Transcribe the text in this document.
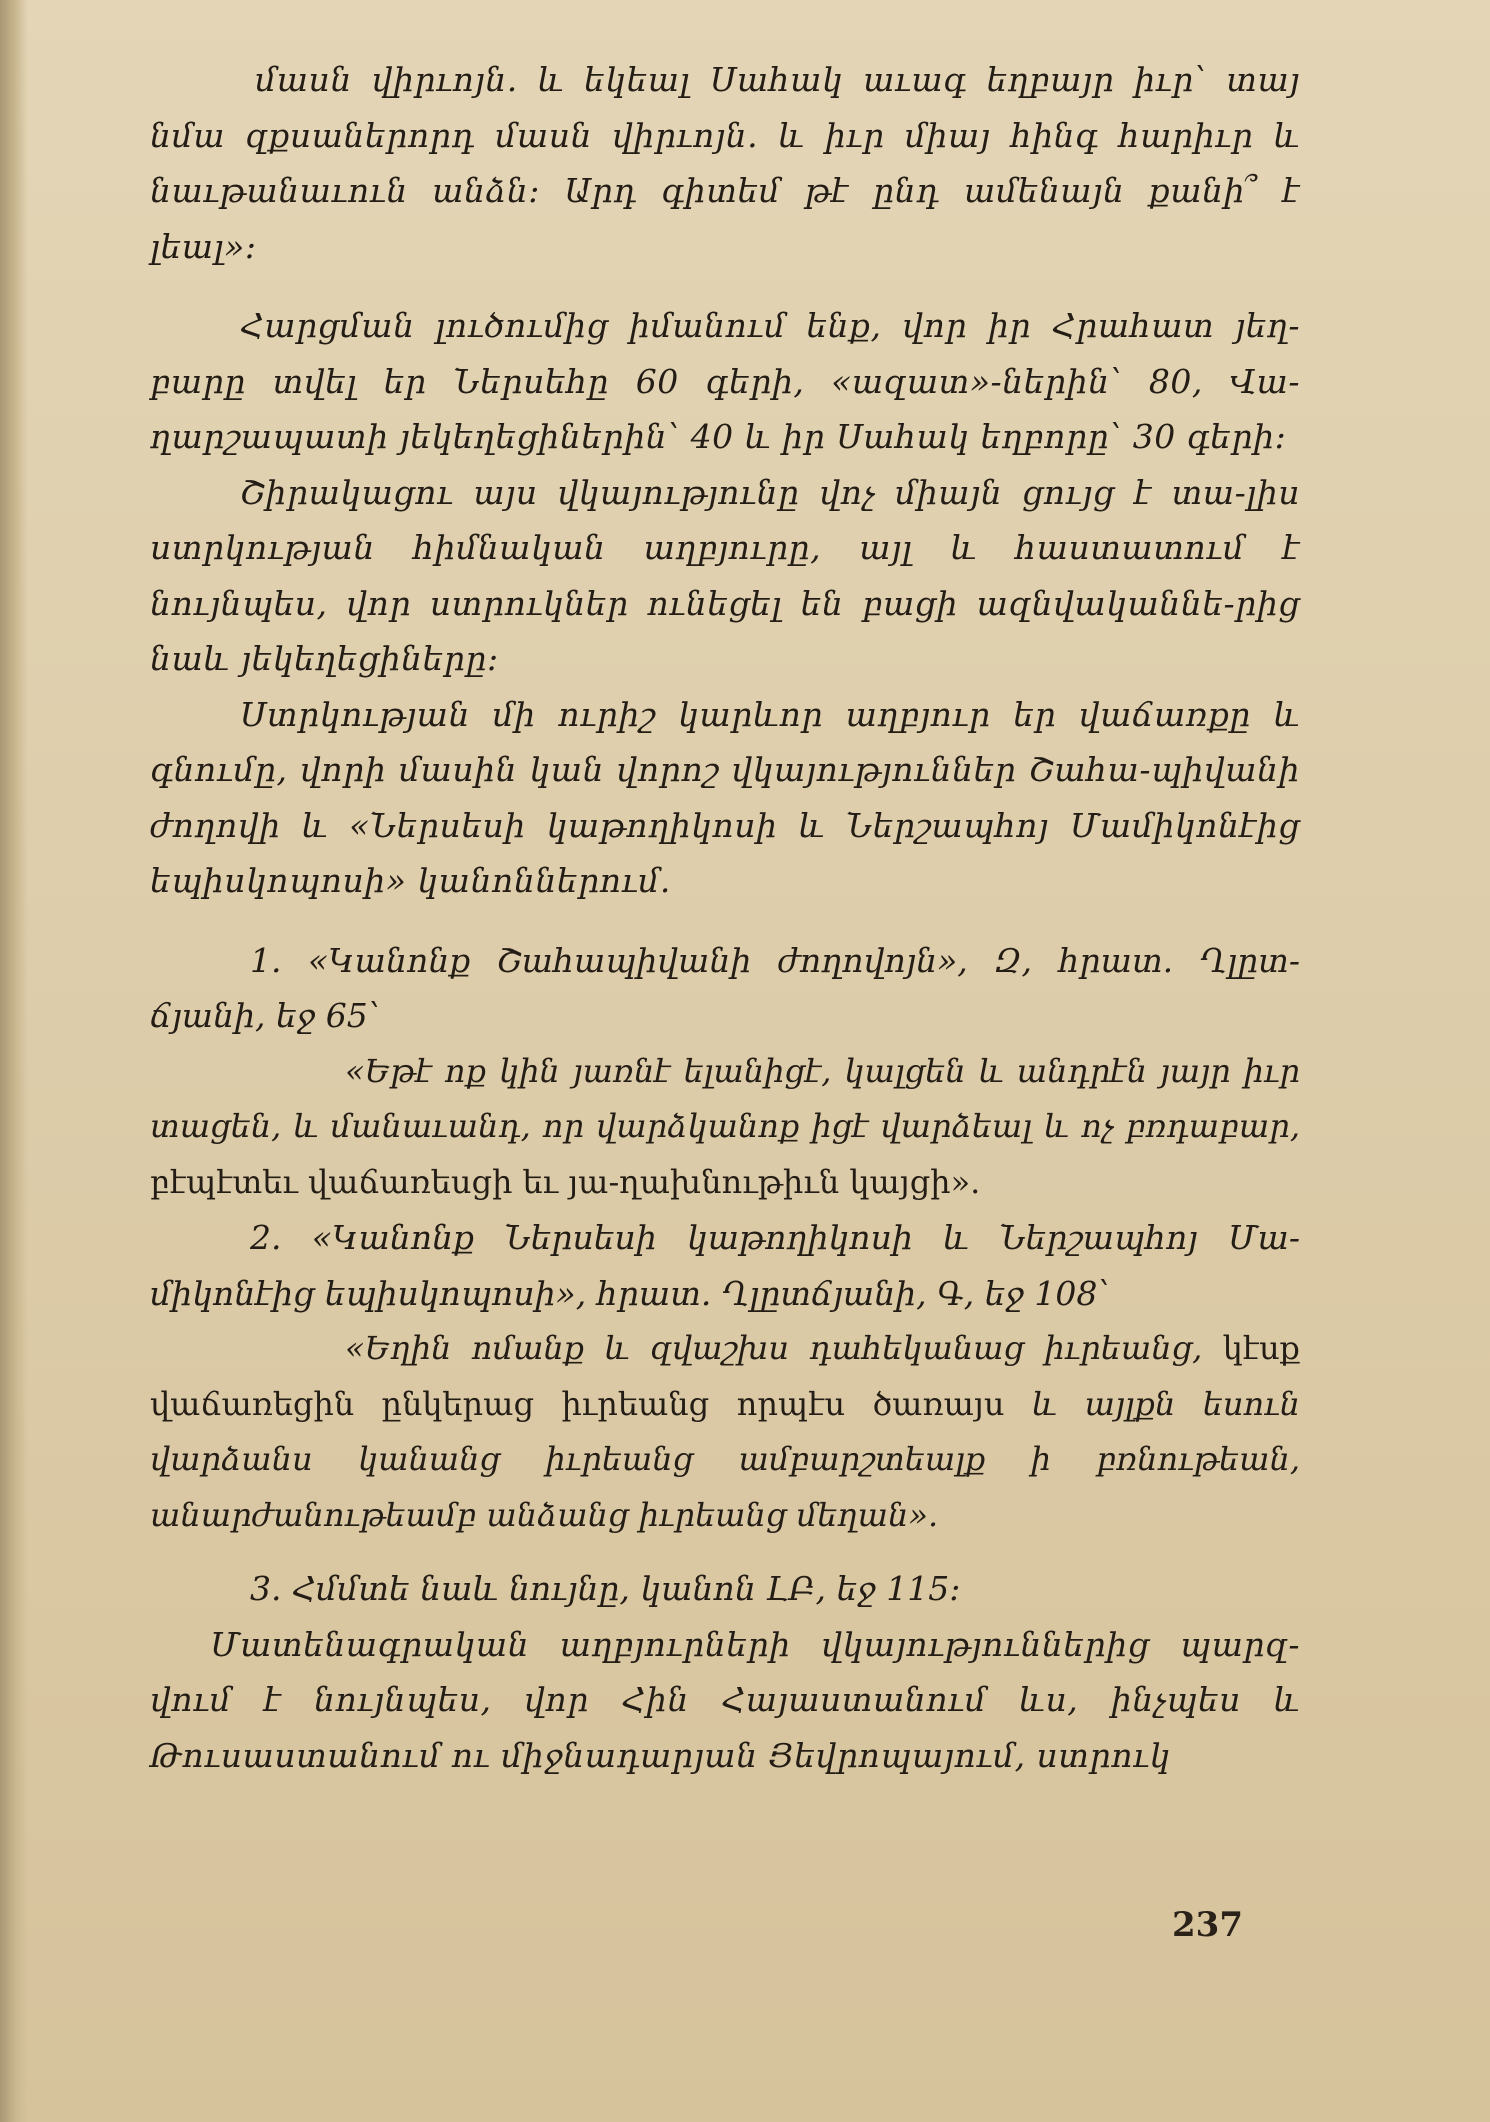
մասն վիրւոյն. և եկեալ Սահակ աւագ եղբայր իւր՝ տայ նմա զքսաներորդ մասն վիրւոյն. և իւր միայ հինգ հարիւր և նաւթանաւուն անձն։ Արդ գիտեմ թէ ընդ ամենայն քանի՞ է լեալ»։

Հարցման լուծումից իմանում ենք, վոր իր Հրահատ յեղ-բարը տվել եր Ներսեհը 60 գերի, «ազատ»-ներին՝ 80, Վա-ղարշապատի յեկեղեցիներին՝ 40 և իր Սահակ եղբորը՝ 30 գերի։

Շիրակացու այս վկայությունը վոչ միայն ցույց է տա-լիս ստրկության հիմնական աղբյուրը, այլ և հաստատում է նույնպես, վոր ստրուկներ ունեցել են բացի ազնվականնե-րից նաև յեկեղեցիները։

Ստրկության մի ուրիշ կարևոր աղբյուր եր վաճառքը և գնումը, վորի մասին կան վորոշ վկայություններ Շահա-պիվանի ժողովի և «Ներսեսի կաթողիկոսի և Ներշապհոյ Մամիկոնէից եպիսկոպոսի» կանոններում.

1. «Կանոնք Շահապիվանի ժողովոյն», Զ, հրատ. Ղլըտ-ճյանի, եջ 65՝

«Եթէ ոք կին յառնէ ելանիցէ, կալցեն և անդրէն յայր իւր տացեն, և մանաւանդ, որ վարձկանոք իցէ վարձեալ և ոչ բռդաբար, բէպէտեւ վաճառեսցի եւ յա-ղախնութիւն կայցի».

2. «Կանոնք Ներսեսի կաթողիկոսի և Ներշապհոյ Մա-միկոնէից եպիսկոպոսի», հրատ. Ղլըտճյանի, Գ, եջ 108՝

«Եղին ոմանք և զվաշխս դահեկանաց իւրեանց, կէսք վաճառեցին ընկերաց իւրեանց որպէս ծառայս և այլքն եսուն վարձանս կանանց իւրեանց ամբարշտեալք ի բռնութեան, անարժանութեամբ անձանց իւրեանց մեղան».

3. Հմմտե նաև նույնը, կանոն ԼԲ, եջ 115։

Մատենագրական աղբյուրների վկայություններից պարզ-վում է նույնպես, վոր Հին Հայաստանում ևս, ինչպես և Թուսաստանում ու միջնադարյան Յեվրոպայում, ստրուկ

237
